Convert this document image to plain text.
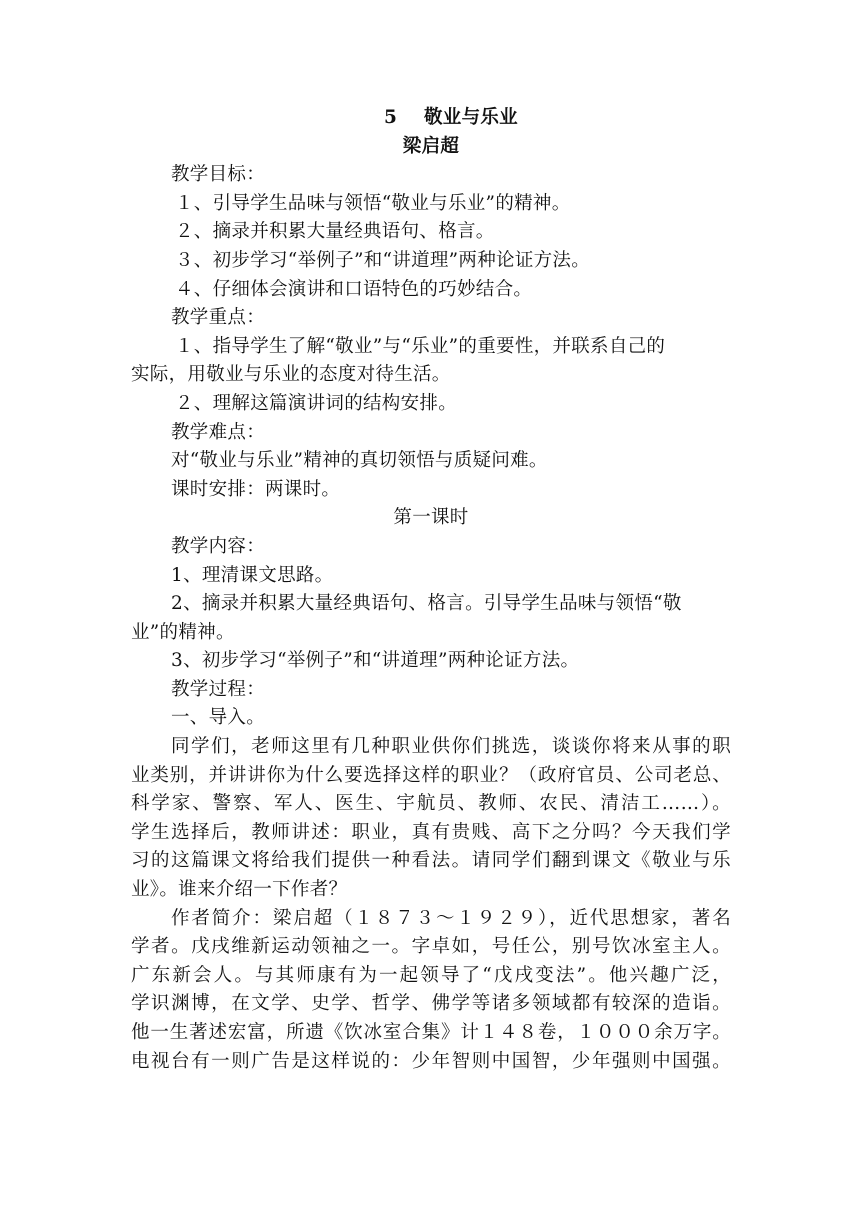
5 敬业与乐业
梁启超
教学目标：
１、引导学生品味与领悟“敬业与乐业”的精神。
２、摘录并积累大量经典语句、格言。
３、初步学习“举例子”和“讲道理”两种论证方法。
４、仔细体会演讲和口语特色的巧妙结合。
教学重点：
１、指导学生了解“敬业”与“乐业”的重要性，并联系自己的
实际，用敬业与乐业的态度对待生活。
２、理解这篇演讲词的结构安排。
教学难点：
对“敬业与乐业”精神的真切领悟与质疑问难。
课时安排：两课时。
第一课时
教学内容：
1、理清课文思路。
2、摘录并积累大量经典语句、格言。引导学生品味与领悟“敬
业”的精神。
3、初步学习“举例子”和“讲道理”两种论证方法。
教学过程：
一、导入。
同学们，老师这里有几种职业供你们挑选，谈谈你将来从事的职
业类别，并讲讲你为什么要选择这样的职业？（政府官员、公司老总、
科学家、警察、军人、医生、宇航员、教师、农民、清洁工……）。
学生选择后，教师讲述：职业，真有贵贱、高下之分吗？今天我们学
习的这篇课文将给我们提供一种看法。请同学们翻到课文《敬业与乐
业》。谁来介绍一下作者？
作者简介：梁启超（１８７３～１９２９），近代思想家，著名
学者。戊戌维新运动领袖之一。字卓如，号任公，别号饮冰室主人。
广东新会人。与其师康有为一起领导了“戊戌变法”。他兴趣广泛，
学识渊博，在文学、史学、哲学、佛学等诸多领域都有较深的造诣。
他一生著述宏富，所遗《饮冰室合集》计１４８卷，１０００余万字。
电视台有一则广告是这样说的：少年智则中国智，少年强则中国强。
